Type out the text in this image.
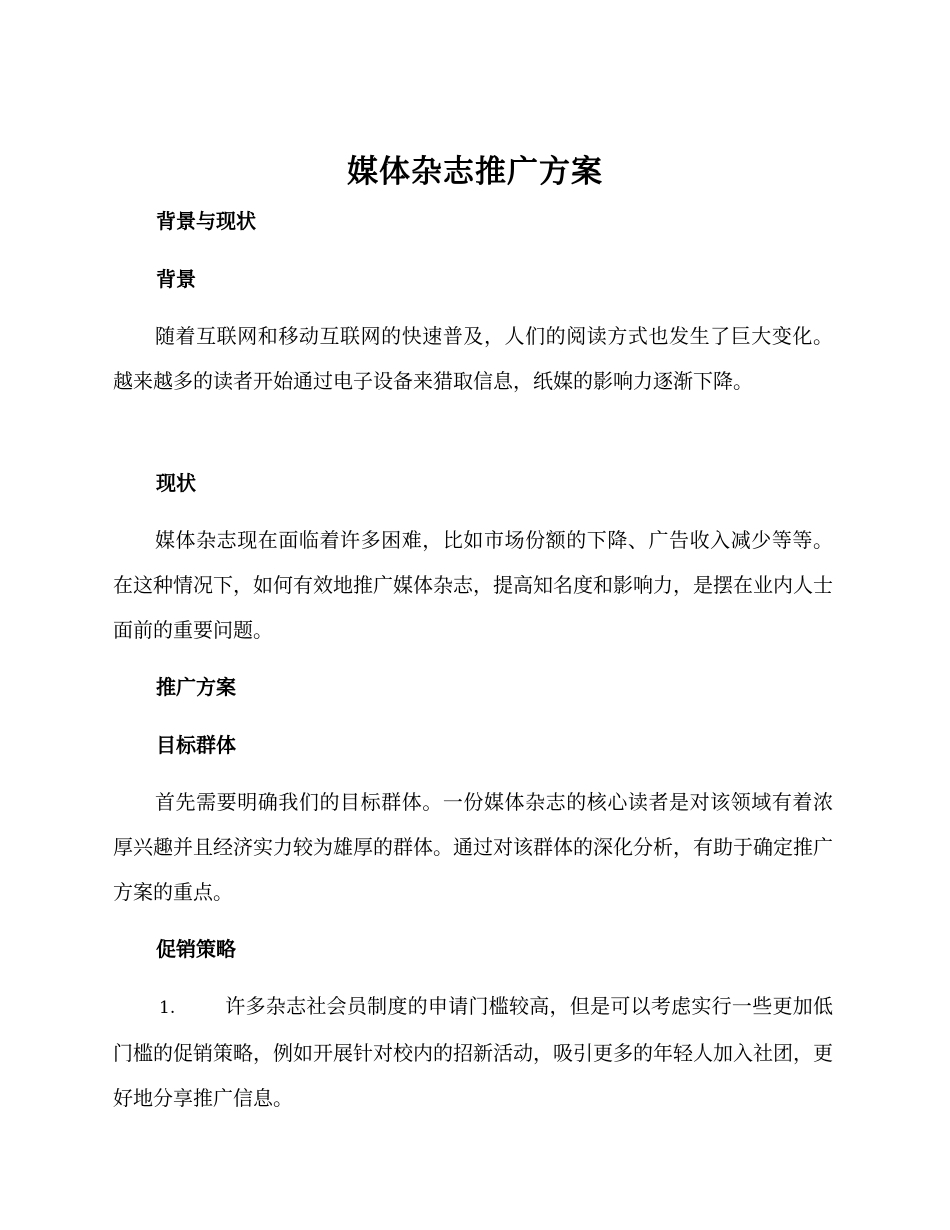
媒体杂志推广方案
背景与现状
背景

随着互联网和移动互联网的快速普及，人们的阅读方式也发生了巨大变化。越来越多的读者开始通过电子设备来猎取信息，纸媒的影响力逐渐下降。

现状

媒体杂志现在面临着许多困难，比如市场份额的下降、广告收入减少等等。在这种情况下，如何有效地推广媒体杂志，提高知名度和影响力，是摆在业内人士面前的重要问题。

推广方案
目标群体

首先需要明确我们的目标群体。一份媒体杂志的核心读者是对该领域有着浓厚兴趣并且经济实力较为雄厚的群体。通过对该群体的深化分析，有助于确定推广方案的重点。

促销策略

1. 许多杂志社会员制度的申请门槛较高，但是可以考虑实行一些更加低门槛的促销策略，例如开展针对校内的招新活动，吸引更多的年轻人加入社团，更好地分享推广信息。
